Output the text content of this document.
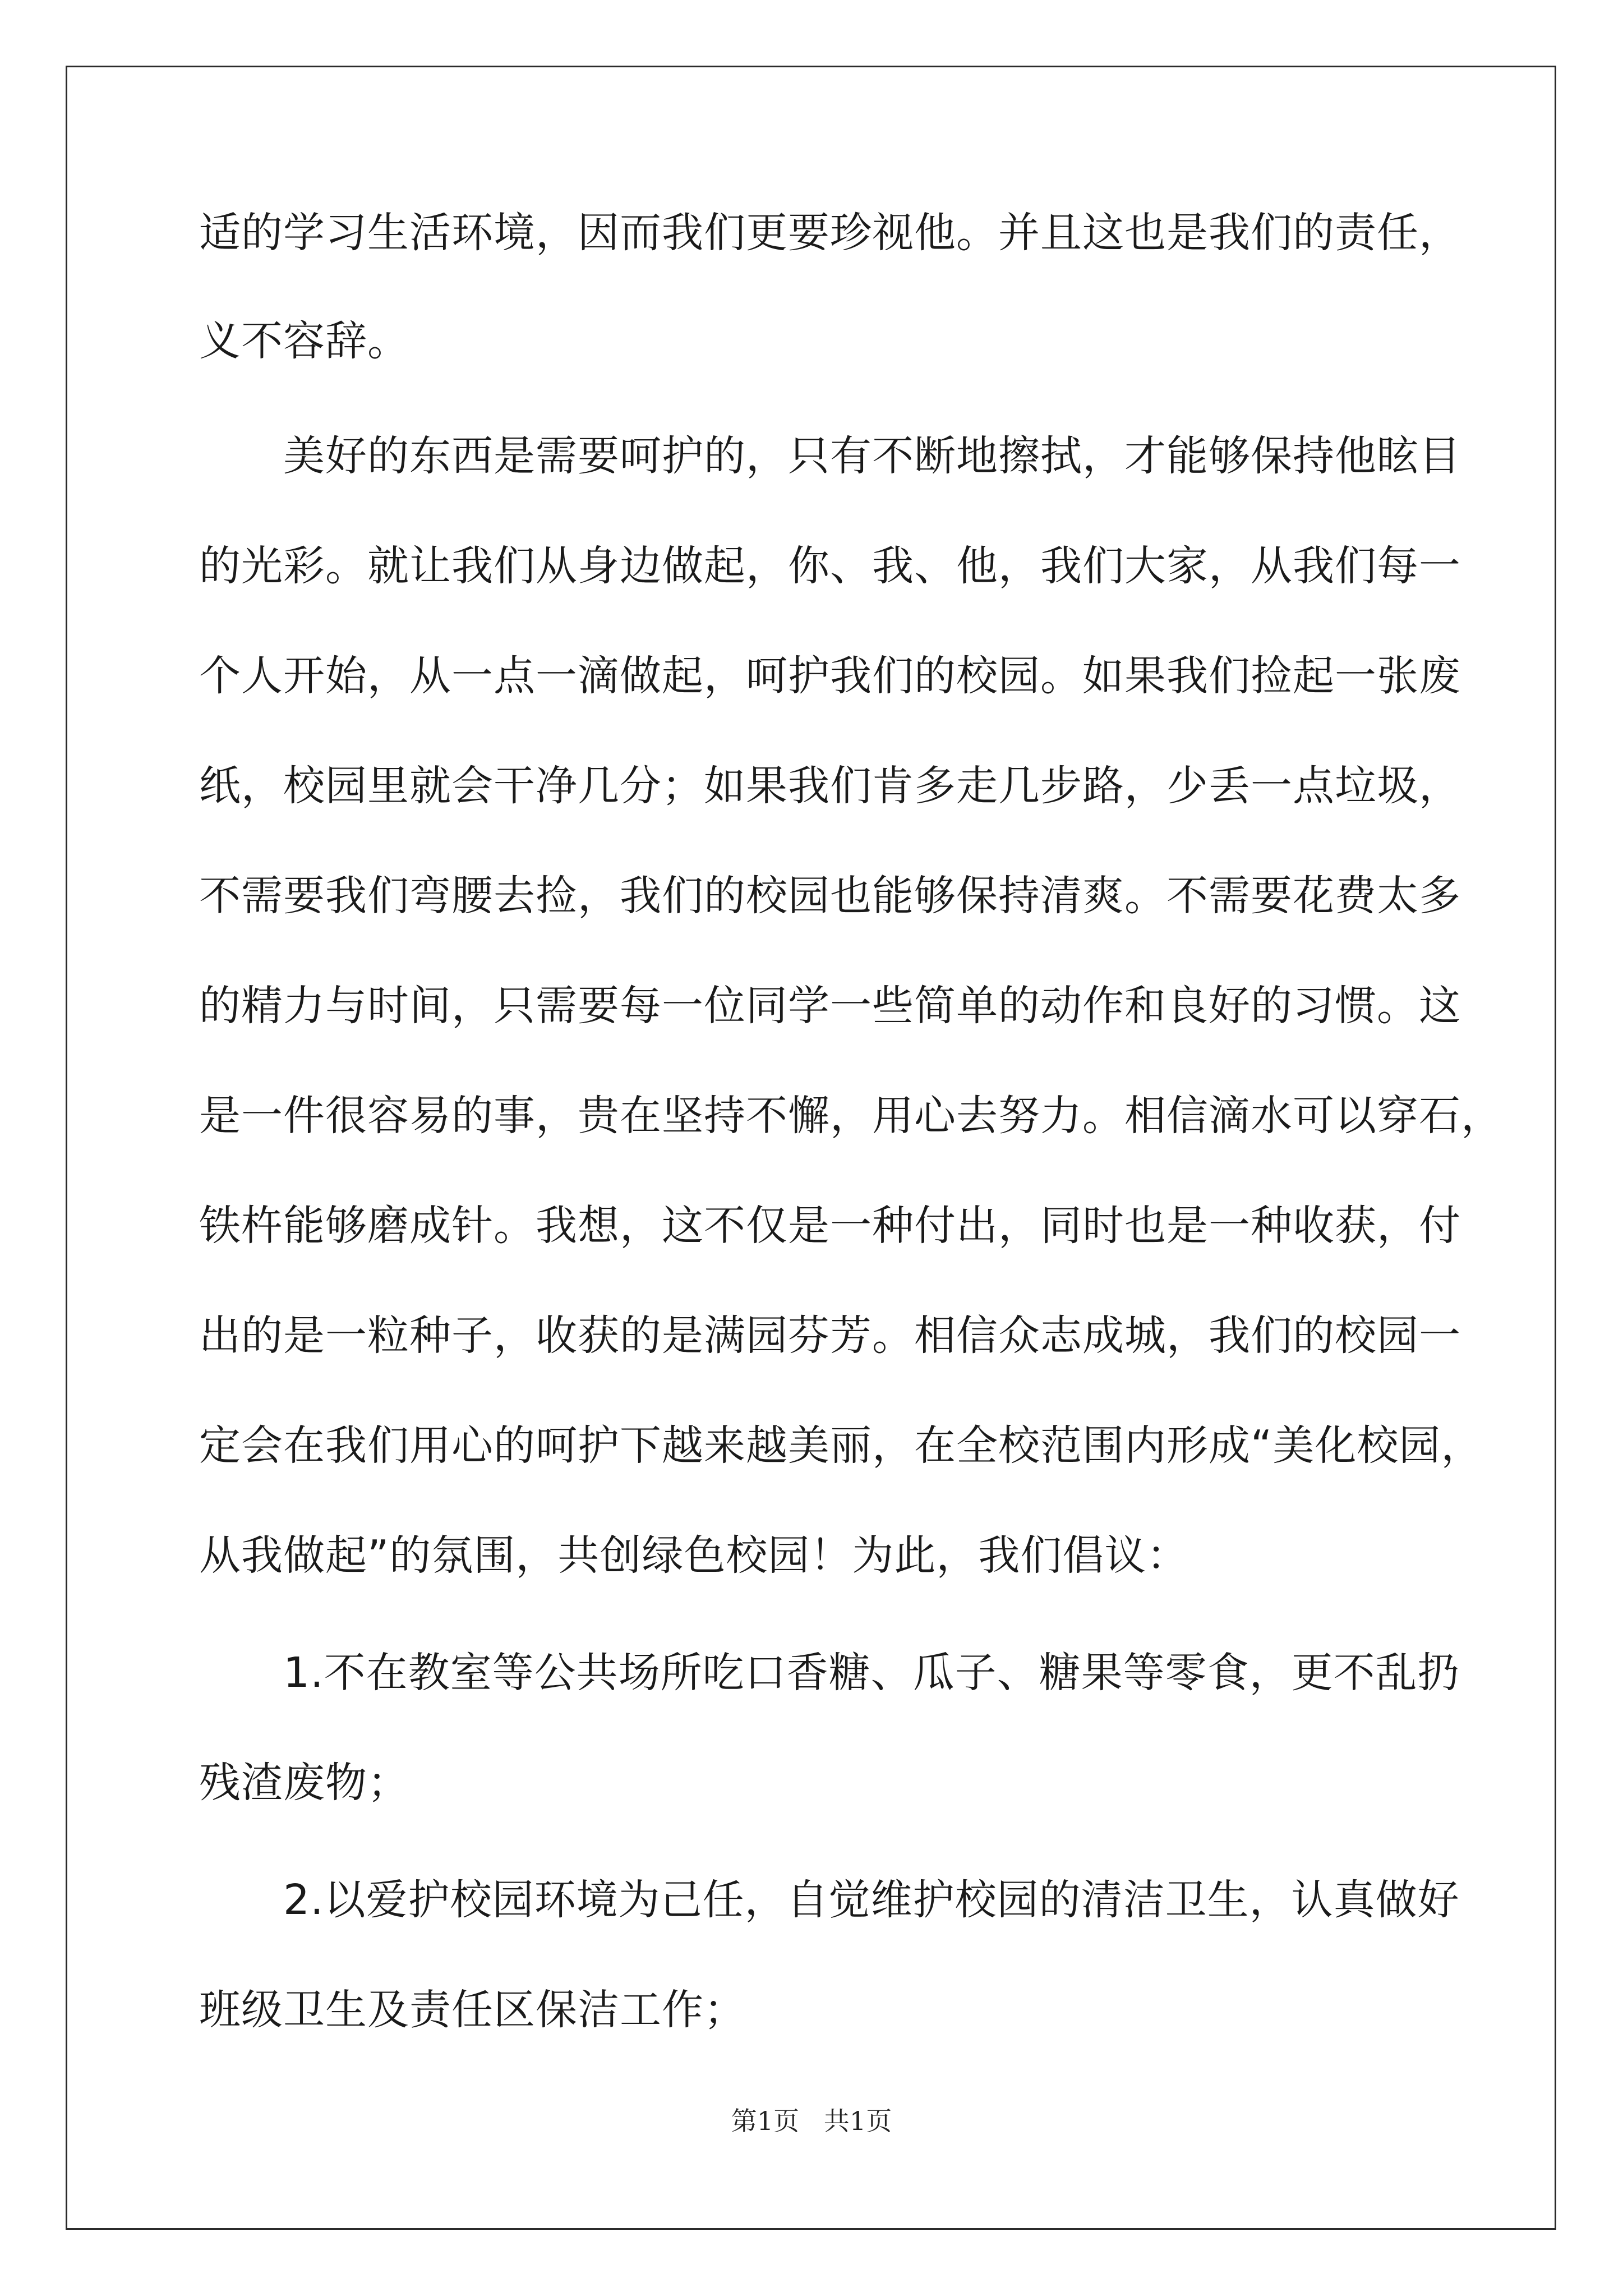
适的学习生活环境，因而我们更要珍视他。并且这也是我们的责任，
义不容辞。
美好的东西是需要呵护的，只有不断地擦拭，才能够保持他眩目
的光彩。就让我们从身边做起，你、我、他，我们大家，从我们每一
个人开始，从一点一滴做起，呵护我们的校园。如果我们捡起一张废
纸，校园里就会干净几分；如果我们肯多走几步路，少丢一点垃圾，
不需要我们弯腰去捡，我们的校园也能够保持清爽。不需要花费太多
的精力与时间，只需要每一位同学一些简单的动作和良好的习惯。这
是一件很容易的事，贵在坚持不懈，用心去努力。相信滴水可以穿石，
铁杵能够磨成针。我想，这不仅是一种付出，同时也是一种收获，付
出的是一粒种子，收获的是满园芬芳。相信众志成城，我们的校园一
定会在我们用心的呵护下越来越美丽，在全校范围内形成“美化校园，
从我做起”的氛围，共创绿色校园！为此，我们倡议：
1.不在教室等公共场所吃口香糖、瓜子、糖果等零食，更不乱扔
残渣废物；
2.以爱护校园环境为己任，自觉维护校园的清洁卫生，认真做好
班级卫生及责任区保洁工作；
第1页   共1页
